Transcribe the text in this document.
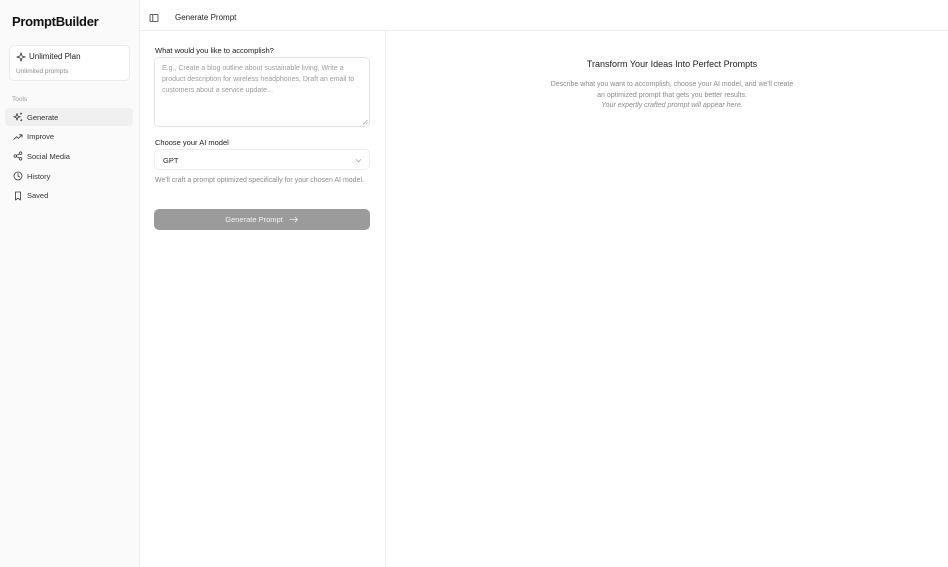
PromptBuilder
Unlimited Plan
Unlimited prompts
Tools
Generate
Improve
Social Media
History
Saved
Generate Prompt
What would you like to accomplish?
E.g., Create a blog outline about sustainable living, Write a product description for wireless headphones, Draft an email to customers about a service update...
Choose your AI model
GPT
We'll craft a prompt optimized specifically for your chosen AI model.
Generate Prompt
Transform Your Ideas Into Perfect Prompts
Describe what you want to accomplish, choose your AI model, and we'll create an optimized prompt that gets you better results.
Your expertly crafted prompt will appear here.
